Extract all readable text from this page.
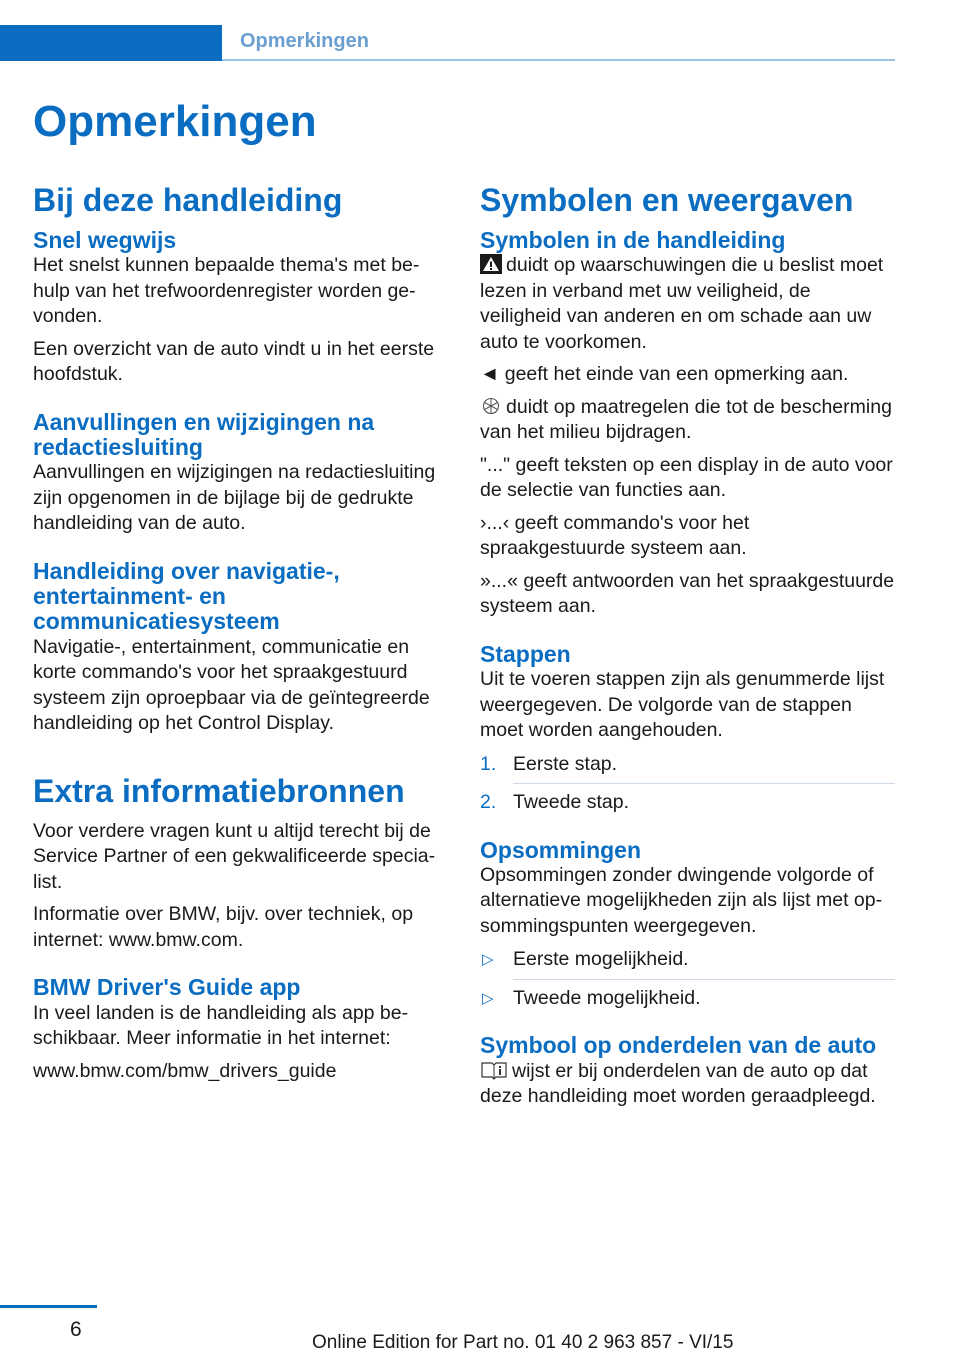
Opmerkingen
Opmerkingen
Bij deze handleiding
Snel wegwijs

Het snelst kunnen bepaalde thema's met be- hulp van het trefwoordenregister worden ge- vonden.

Een overzicht van de auto vindt u in het eerste hoofdstuk.

Aanvullingen en wijzigingen na redactiesluiting

Aanvullingen en wijzigingen na redactiesluiting zijn opgenomen in de bijlage bij de gedrukte handleiding van de auto.

Handleiding over navigatie-, entertainment- en communicatiesysteem

Navigatie-, entertainment, communicatie en korte commando's voor het spraakgestuurd systeem zijn oproepbaar via de geïntegreerde handleiding op het Control Display.

Extra informatiebronnen

Voor verdere vragen kunt u altijd terecht bij de Service Partner of een gekwalificeerde specia- list.

Informatie over BMW, bijv. over techniek, op internet: www.bmw.com.

BMW Driver's Guide app

In veel landen is de handleiding als app be- schikbaar. Meer informatie in het internet:

www.bmw.com/bmw_drivers_guide

Symbolen en weergaven
Symbolen in de handleiding

duidt op waarschuwingen die u beslist moet lezen in verband met uw veiligheid, de veiligheid van anderen en om schade aan uw auto te voorkomen.

◄ geeft het einde van een opmerking aan.

duidt op maatregelen die tot de bescherming van het milieu bijdragen.

"..." geeft teksten op een display in de auto voor de selectie van functies aan.

›...‹ geeft commando's voor het spraakgestuurde systeem aan.

»...« geeft antwoorden van het spraakgestuurde systeem aan.

Stappen

Uit te voeren stappen zijn als genummerde lijst weergegeven. De volgorde van de stappen moet worden aangehouden.

1. Eerste stap.
2. Tweede stap.
Opsommingen

Opsommingen zonder dwingende volgorde of alternatieve mogelijkheden zijn als lijst met op- sommingspunten weergegeven.

▷ Eerste mogelijkheid.
▷ Tweede mogelijkheid.
Symbool op onderdelen van de auto

wijst er bij onderdelen van de auto op dat deze handleiding moet worden geraadpleegd.

6
Online Edition for Part no. 01 40 2 963 857 - VI/15
